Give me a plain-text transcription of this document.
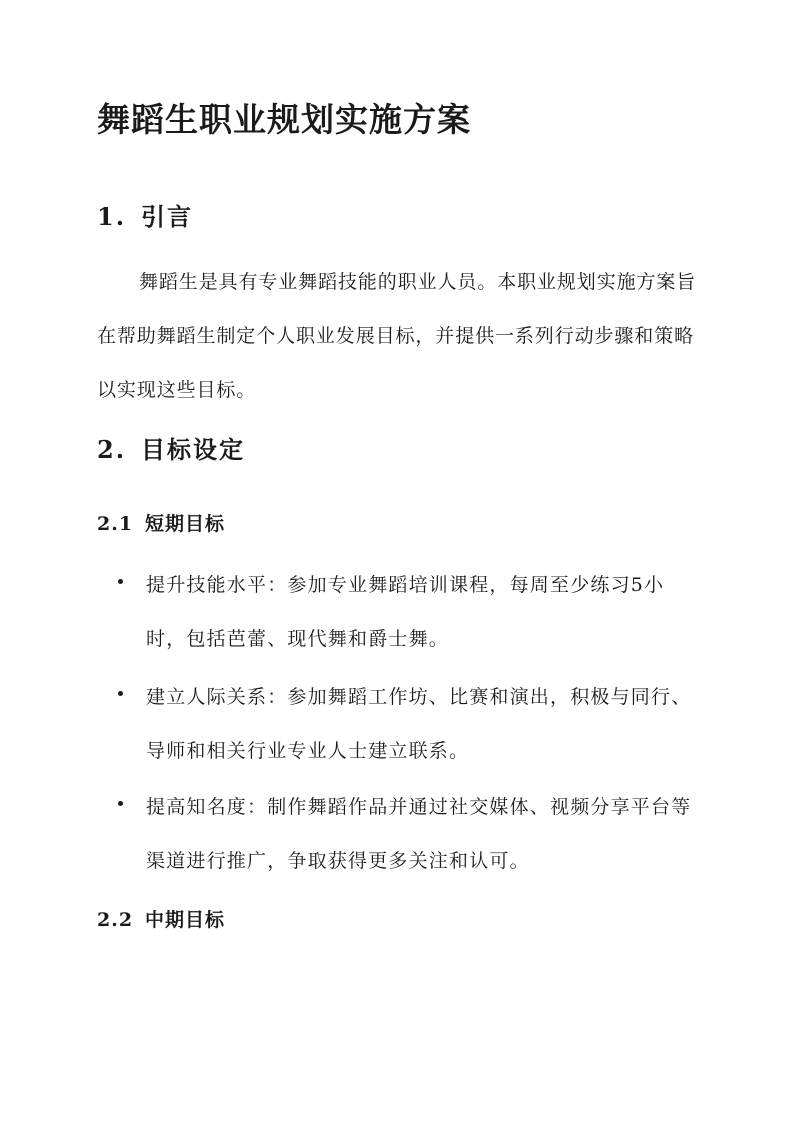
舞蹈生职业规划实施方案
1. 引言

舞蹈生是具有专业舞蹈技能的职业人员。本职业规划实施方案旨在帮助舞蹈生制定个人职业发展目标，并提供一系列行动步骤和策略以实现这些目标。

2. 目标设定
2.1 短期目标

提升技能水平：参加专业舞蹈培训课程，每周至少练习5小时，包括芭蕾、现代舞和爵士舞。

建立人际关系：参加舞蹈工作坊、比赛和演出，积极与同行、导师和相关行业专业人士建立联系。

提高知名度：制作舞蹈作品并通过社交媒体、视频分享平台等渠道进行推广，争取获得更多关注和认可。

2.2 中期目标
